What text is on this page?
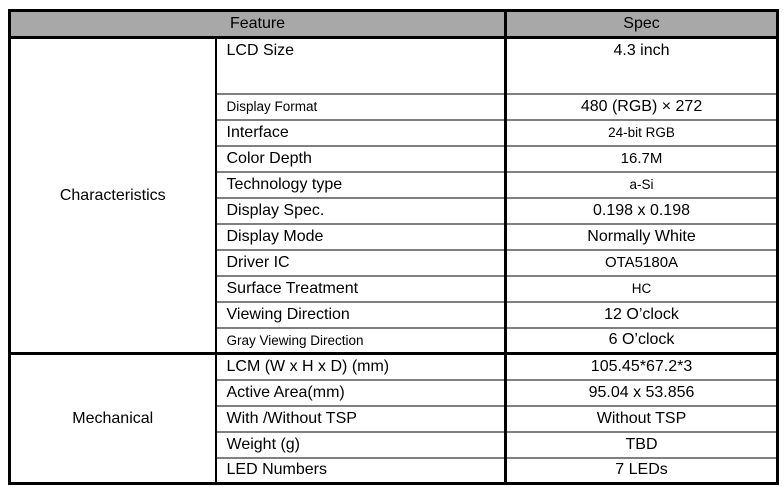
Feature		Spec
Characteristics	LCD Size	4.3 inch
	Display Format	480 (RGB) × 272
	Interface	24-bit RGB
	Color Depth	16.7M
	Technology type	a-Si
	Display Spec.	0.198 x 0.198
	Display Mode	Normally White
	Driver IC	OTA5180A
	Surface Treatment	HC
	Viewing Direction	12 O’clock
	Gray Viewing Direction	6 O’clock
Mechanical	LCM (W x H x D) (mm)	105.45*67.2*3
	Active Area(mm)	95.04 x 53.856
	With /Without TSP	Without TSP
	Weight (g)	TBD
	LED Numbers	7 LEDs
